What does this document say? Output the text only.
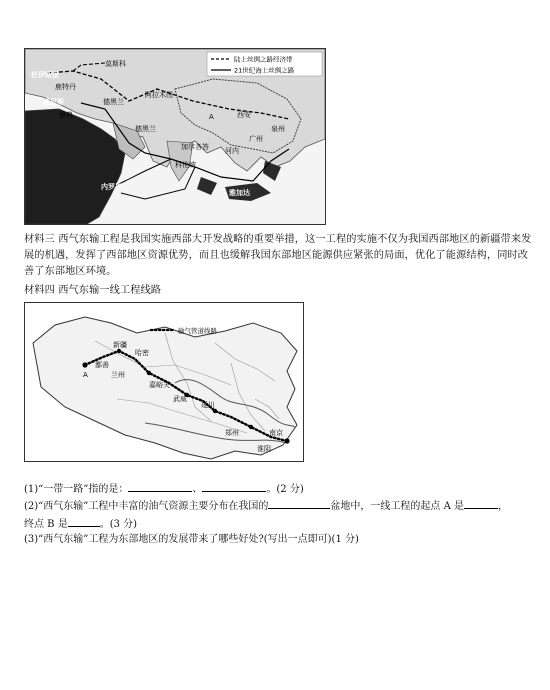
陆上丝绸之路经济带
21世纪海上丝绸之路
莫斯科
杜伊斯堡
鹿特丹
威尼斯
雅典
德黑兰
阿拉木图
A
德黑兰
加尔各答
科伦坡
内罗毕
西安
广州
泉州
河内
雅加达

材料三 西气东输工程是我国实施西部大开发战略的重要举措，这一工程的实施不仅为我国西部地区的新疆带来发展的机遇，发挥了西部地区资源优势，而且也缓解我国东部地区能源供应紧张的局面，优化了能源结构，同时改善了东部地区环境。

材料四 西气东输一线工程线路

输气管道线路
新疆
哈密
A
鄯善
兰州
嘉峪关
武威
延川
郑州	南京
淮阴

(1)“一带一路”指的是：	、	。(2 分)

(2)“西气东输”工程中丰富的油气资源主要分布在我国的	盆地中，一线工程的起点 A 是	，
终点 B 是	。(3 分)

(3)“西气东输”工程为东部地区的发展带来了哪些好处?(写出一点即可)(1 分)
